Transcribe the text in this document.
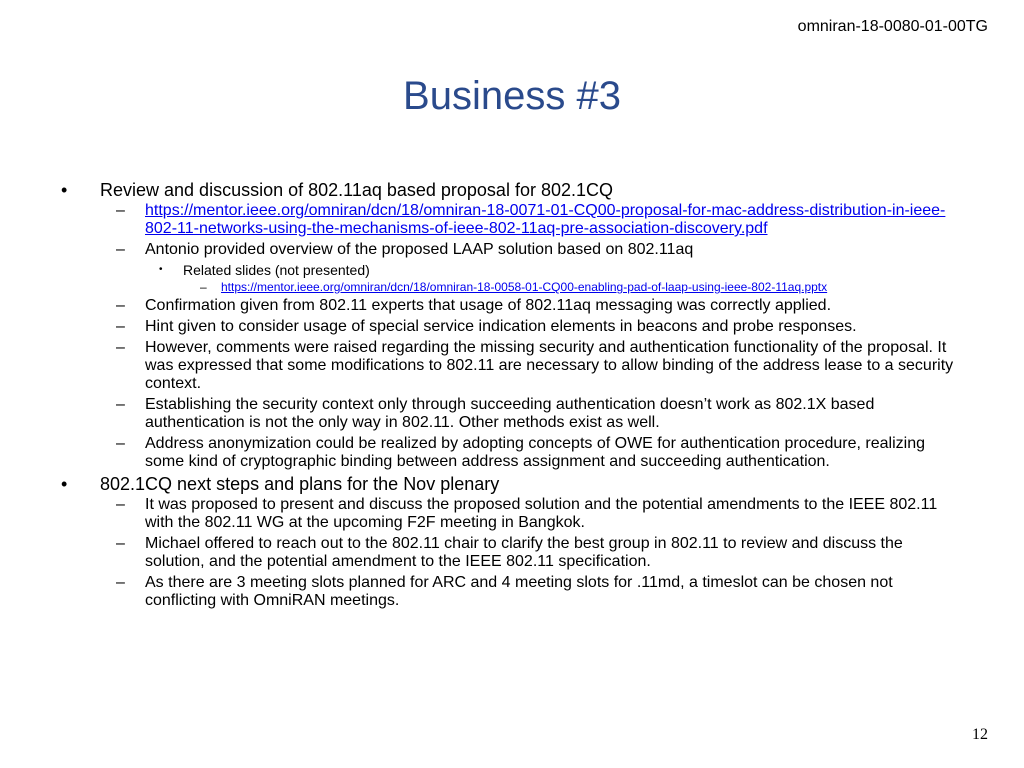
omniran-18-0080-01-00TG
Business #3
• Review and discussion of 802.11aq based proposal for 802.1CQ
– https://mentor.ieee.org/omniran/dcn/18/omniran-18-0071-01-CQ00-proposal-for-mac-address-distribution-in-ieee-802-11-networks-using-the-mechanisms-of-ieee-802-11aq-pre-association-discovery.pdf
– Antonio provided overview of the proposed LAAP solution based on 802.11aq
• Related slides (not presented)
– https://mentor.ieee.org/omniran/dcn/18/omniran-18-0058-01-CQ00-enabling-pad-of-laap-using-ieee-802-11aq.pptx
– Confirmation given from 802.11 experts that usage of 802.11aq messaging was correctly applied.
– Hint given to consider usage of special service indication elements in beacons and probe responses.
– However, comments were raised regarding the missing security and authentication functionality of the proposal. It was expressed that some modifications to 802.11 are necessary to allow binding of the address lease to a security context.
– Establishing the security context only through succeeding authentication doesn’t work as 802.1X based authentication is not the only way in 802.11. Other methods exist as well.
– Address anonymization could be realized by adopting concepts of OWE for authentication procedure, realizing some kind of cryptographic binding between address assignment and succeeding authentication.
• 802.1CQ next steps and plans for the Nov plenary
– It was proposed to present and discuss the proposed solution and the potential amendments to the IEEE 802.11 with the 802.11 WG at the upcoming F2F meeting in Bangkok.
– Michael offered to reach out to the 802.11 chair to clarify the best group in 802.11 to review and discuss the solution, and the potential amendment to the IEEE 802.11 specification.
– As there are 3 meeting slots planned for ARC and 4 meeting slots for .11md, a timeslot can be chosen not conflicting with OmniRAN meetings.
12
